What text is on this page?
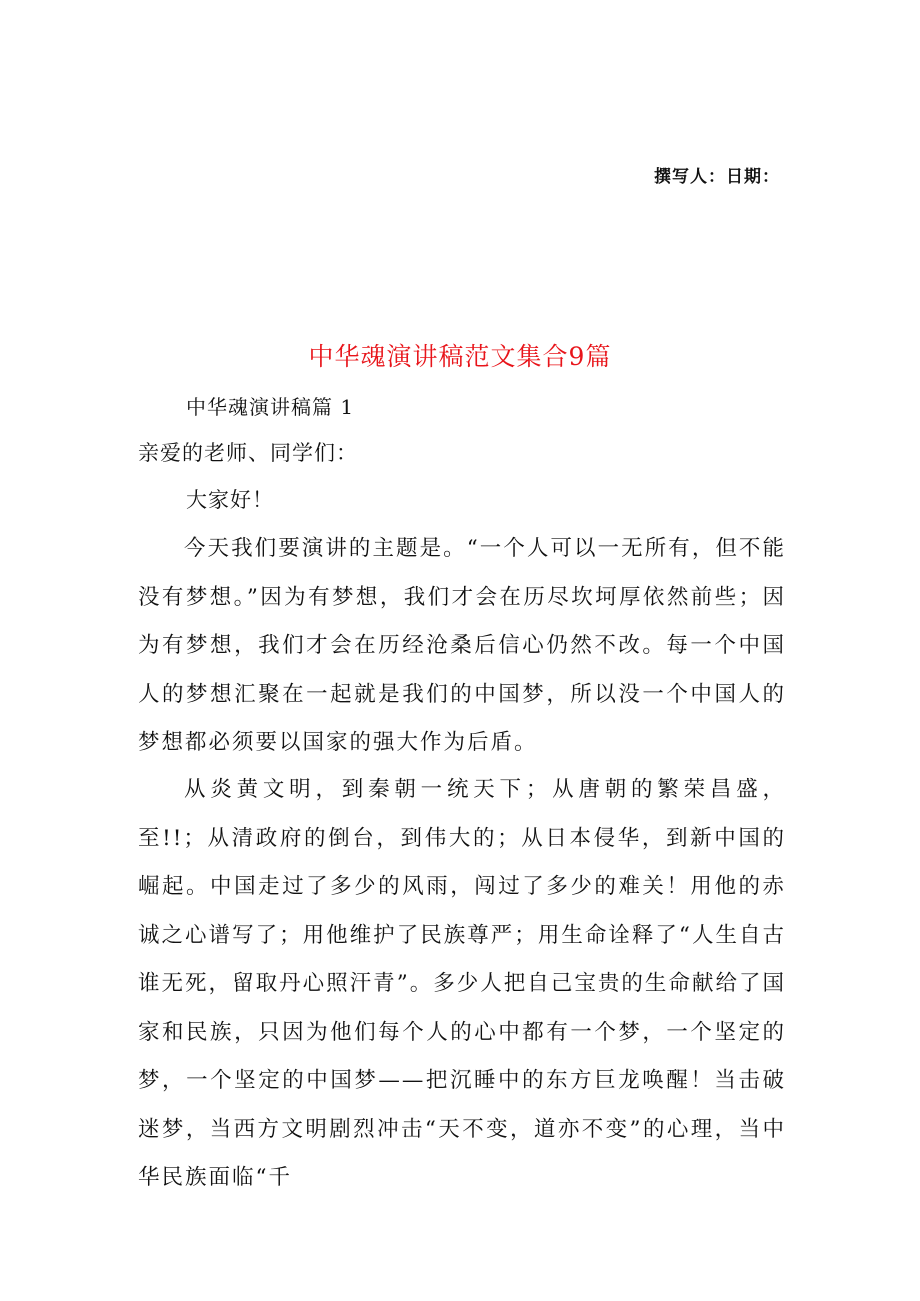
撰写人：日期：
中华魂演讲稿范文集合9篇
中华魂演讲稿篇 1
亲爱的老师、同学们：
大家好！

今天我们要演讲的主题是。“一个人可以一无所有，但不能没有梦想。”因为有梦想，我们才会在历尽坎坷厚依然前些；因为有梦想，我们才会在历经沧桑后信心仍然不改。每一个中国人的梦想汇聚在一起就是我们的中国梦，所以没一个中国人的梦想都必须要以国家的强大作为后盾。

从炎黄文明，到秦朝一统天下；从唐朝的繁荣昌盛，至!!；从清政府的倒台，到伟大的；从日本侵华，到新中国的崛起。中国走过了多少的风雨，闯过了多少的难关！用他的赤诚之心谱写了；用他维护了民族尊严；用生命诠释了“人生自古谁无死，留取丹心照汗青”。多少人把自己宝贵的生命献给了国家和民族，只因为他们每个人的心中都有一个梦，一个坚定的梦，一个坚定的中国梦——把沉睡中的东方巨龙唤醒！当击破迷梦，当西方文明剧烈冲击“天不变，道亦不变”的心理，当中华民族面临“千
